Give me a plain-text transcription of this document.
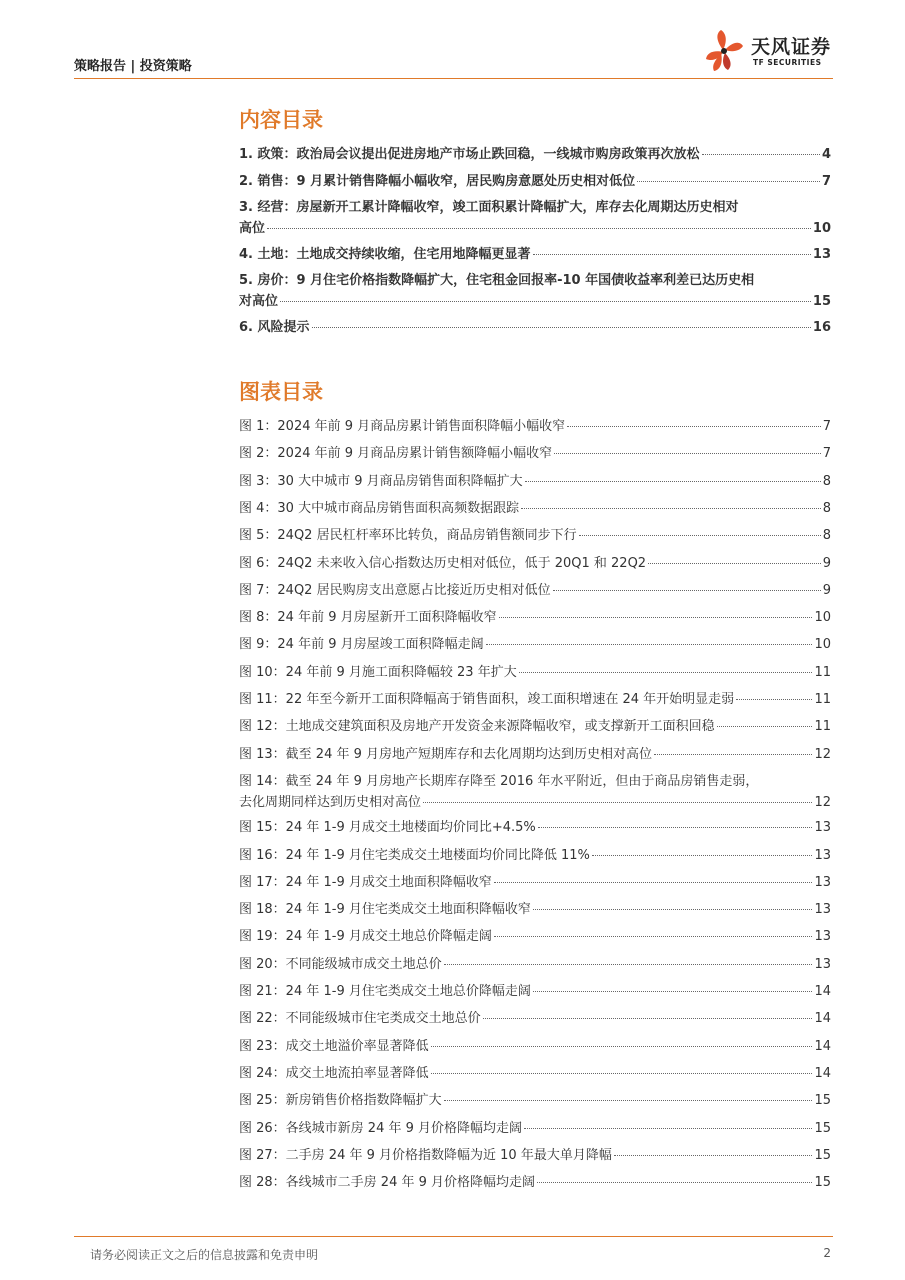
策略报告 | 投资策略
天风证券
TF SECURITIES
内容目录
1. 政策：政治局会议提出促进房地产市场止跌回稳，一线城市购房政策再次放松	4
2. 销售：9 月累计销售降幅小幅收窄，居民购房意愿处历史相对低位	7
3. 经营：房屋新开工累计降幅收窄，竣工面积累计降幅扩大，库存去化周期达历史相对
高位	10
4. 土地：土地成交持续收缩，住宅用地降幅更显著	13
5. 房价：9 月住宅价格指数降幅扩大，住宅租金回报率-10 年国债收益率利差已达历史相
对高位	15
6. 风险提示	16
图表目录
图 1：2024 年前 9 月商品房累计销售面积降幅小幅收窄	7
图 2：2024 年前 9 月商品房累计销售额降幅小幅收窄	7
图 3：30 大中城市 9 月商品房销售面积降幅扩大	8
图 4：30 大中城市商品房销售面积高频数据跟踪	8
图 5：24Q2 居民杠杆率环比转负，商品房销售额同步下行	8
图 6：24Q2 未来收入信心指数达历史相对低位，低于 20Q1 和 22Q2	9
图 7：24Q2 居民购房支出意愿占比接近历史相对低位	9
图 8：24 年前 9 月房屋新开工面积降幅收窄	10
图 9：24 年前 9 月房屋竣工面积降幅走阔	10
图 10：24 年前 9 月施工面积降幅较 23 年扩大	11
图 11：22 年至今新开工面积降幅高于销售面积，竣工面积增速在 24 年开始明显走弱	11
图 12：土地成交建筑面积及房地产开发资金来源降幅收窄，或支撑新开工面积回稳	11
图 13：截至 24 年 9 月房地产短期库存和去化周期均达到历史相对高位	12
图 14：截至 24 年 9 月房地产长期库存降至 2016 年水平附近，但由于商品房销售走弱，
去化周期同样达到历史相对高位	12
图 15：24 年 1-9 月成交土地楼面均价同比+4.5%	13
图 16：24 年 1-9 月住宅类成交土地楼面均价同比降低 11%	13
图 17：24 年 1-9 月成交土地面积降幅收窄	13
图 18：24 年 1-9 月住宅类成交土地面积降幅收窄	13
图 19：24 年 1-9 月成交土地总价降幅走阔	13
图 20：不同能级城市成交土地总价	13
图 21：24 年 1-9 月住宅类成交土地总价降幅走阔	14
图 22：不同能级城市住宅类成交土地总价	14
图 23：成交土地溢价率显著降低	14
图 24：成交土地流拍率显著降低	14
图 25：新房销售价格指数降幅扩大	15
图 26：各线城市新房 24 年 9 月价格降幅均走阔	15
图 27：二手房 24 年 9 月价格指数降幅为近 10 年最大单月降幅	15
图 28：各线城市二手房 24 年 9 月价格降幅均走阔	15
请务必阅读正文之后的信息披露和免责申明	2
